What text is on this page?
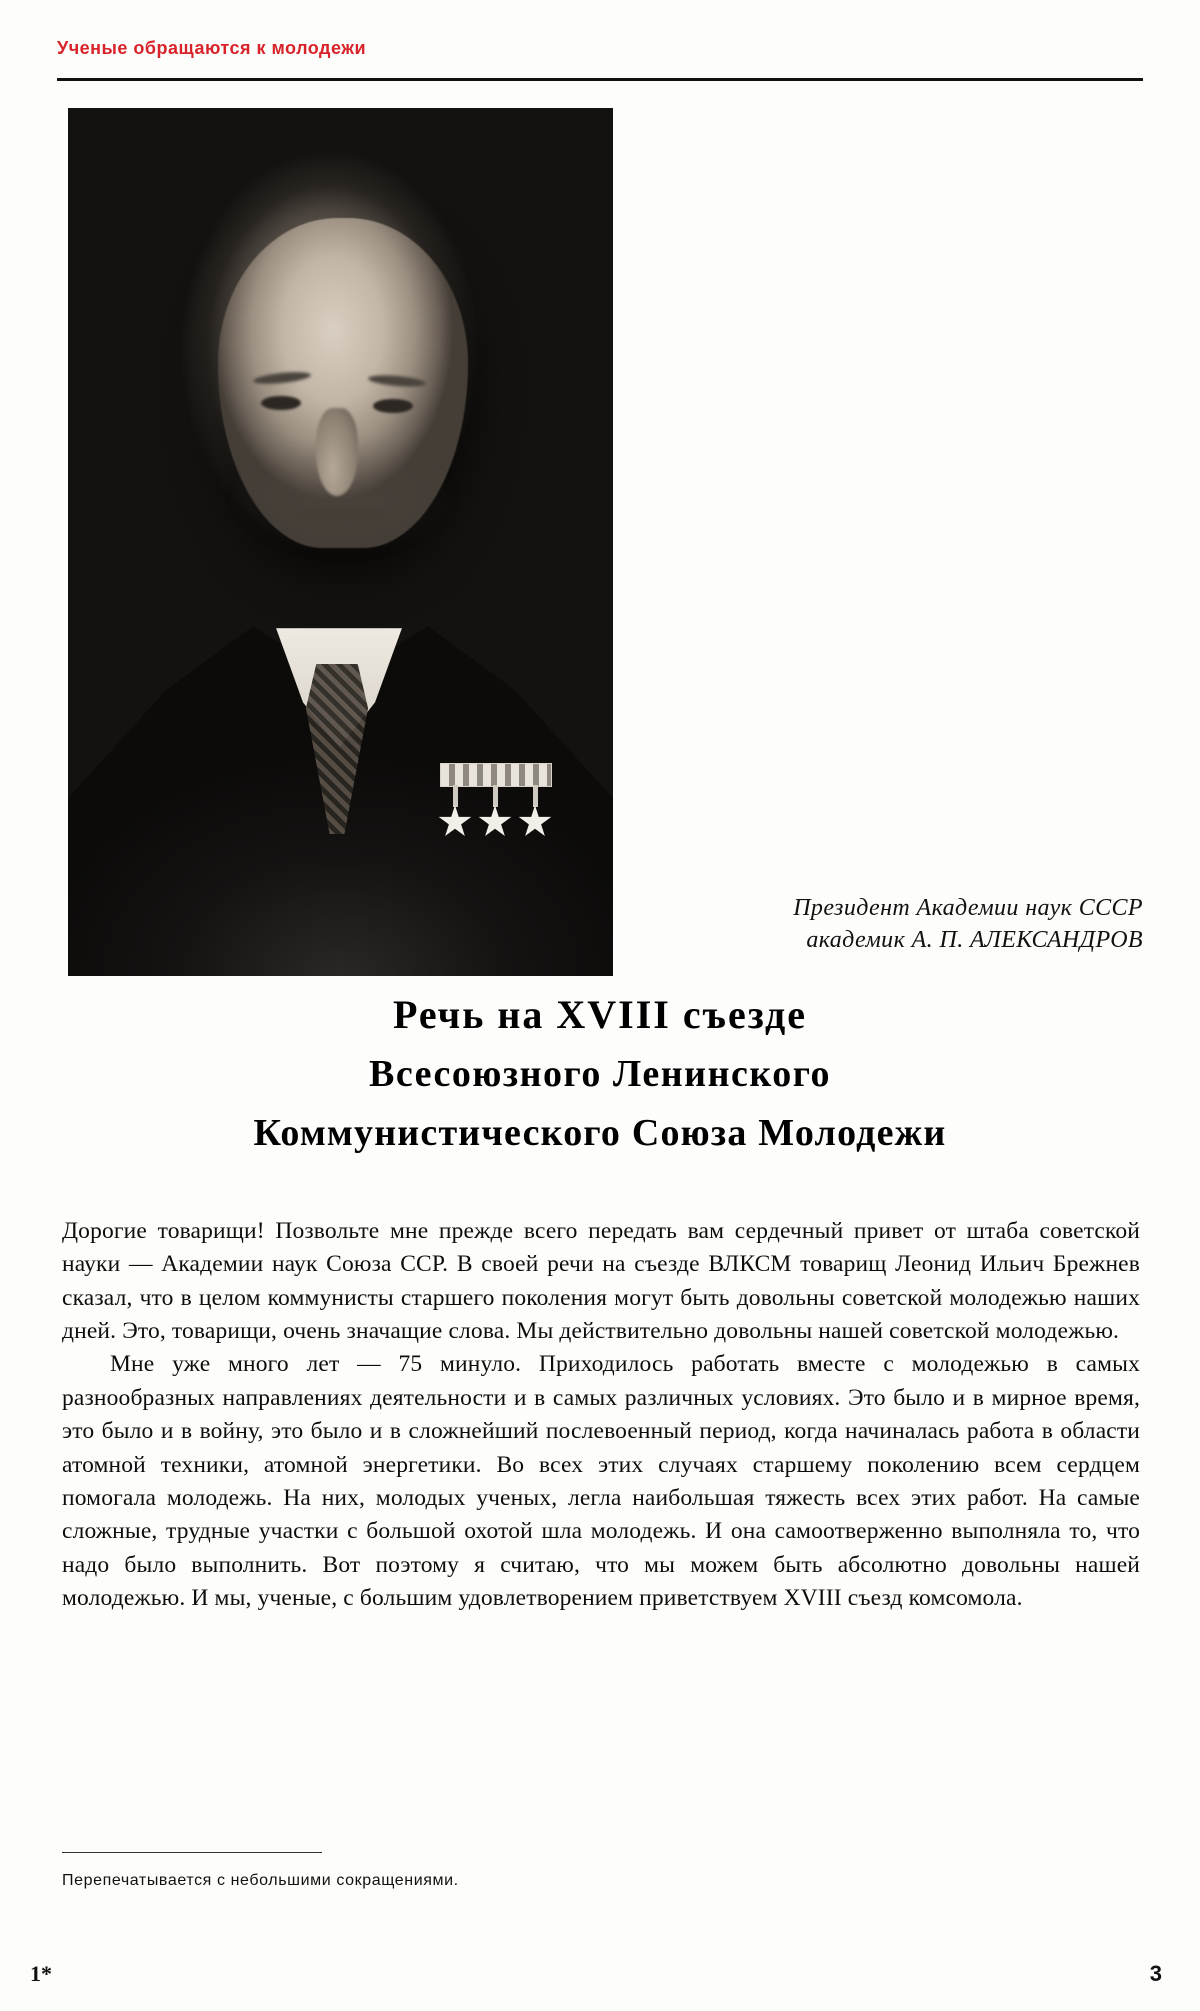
Ученые обращаются к молодежи
Президент Академии наук СССР
академик А. П. АЛЕКСАНДРОВ
Речь на XVIII съезде
Всесоюзного Ленинского
Коммунистического Союза Молодежи

Дорогие товарищи! Позвольте мне прежде всего передать вам сердечный привет от штаба советской науки — Академии наук Союза ССР. В своей речи на съезде ВЛКСМ товарищ Леонид Ильич Брежнев сказал, что в целом коммунисты старшего поколения могут быть довольны советской молодежью наших дней. Это, товарищи, очень значащие слова. Мы действительно довольны нашей советской молодежью.

Мне уже много лет — 75 минуло. Приходилось работать вместе с молодежью в самых разнообразных направлениях деятельности и в самых различных условиях. Это было и в мирное время, это было и в войну, это было и в сложнейший послевоенный период, когда начиналась работа в области атомной техники, атомной энергетики. Во всех этих случаях старшему поколению всем сердцем помогала молодежь. На них, молодых ученых, легла наибольшая тяжесть всех этих работ. На самые сложные, трудные участки с большой охотой шла молодежь. И она самоотверженно выполняла то, что надо было выполнить. Вот поэтому я считаю, что мы можем быть абсолютно довольны нашей молодежью. И мы, ученые, с большим удовлетворением приветствуем XVIII съезд комсомола.

Перепечатывается с небольшими сокращениями.
1*	3
